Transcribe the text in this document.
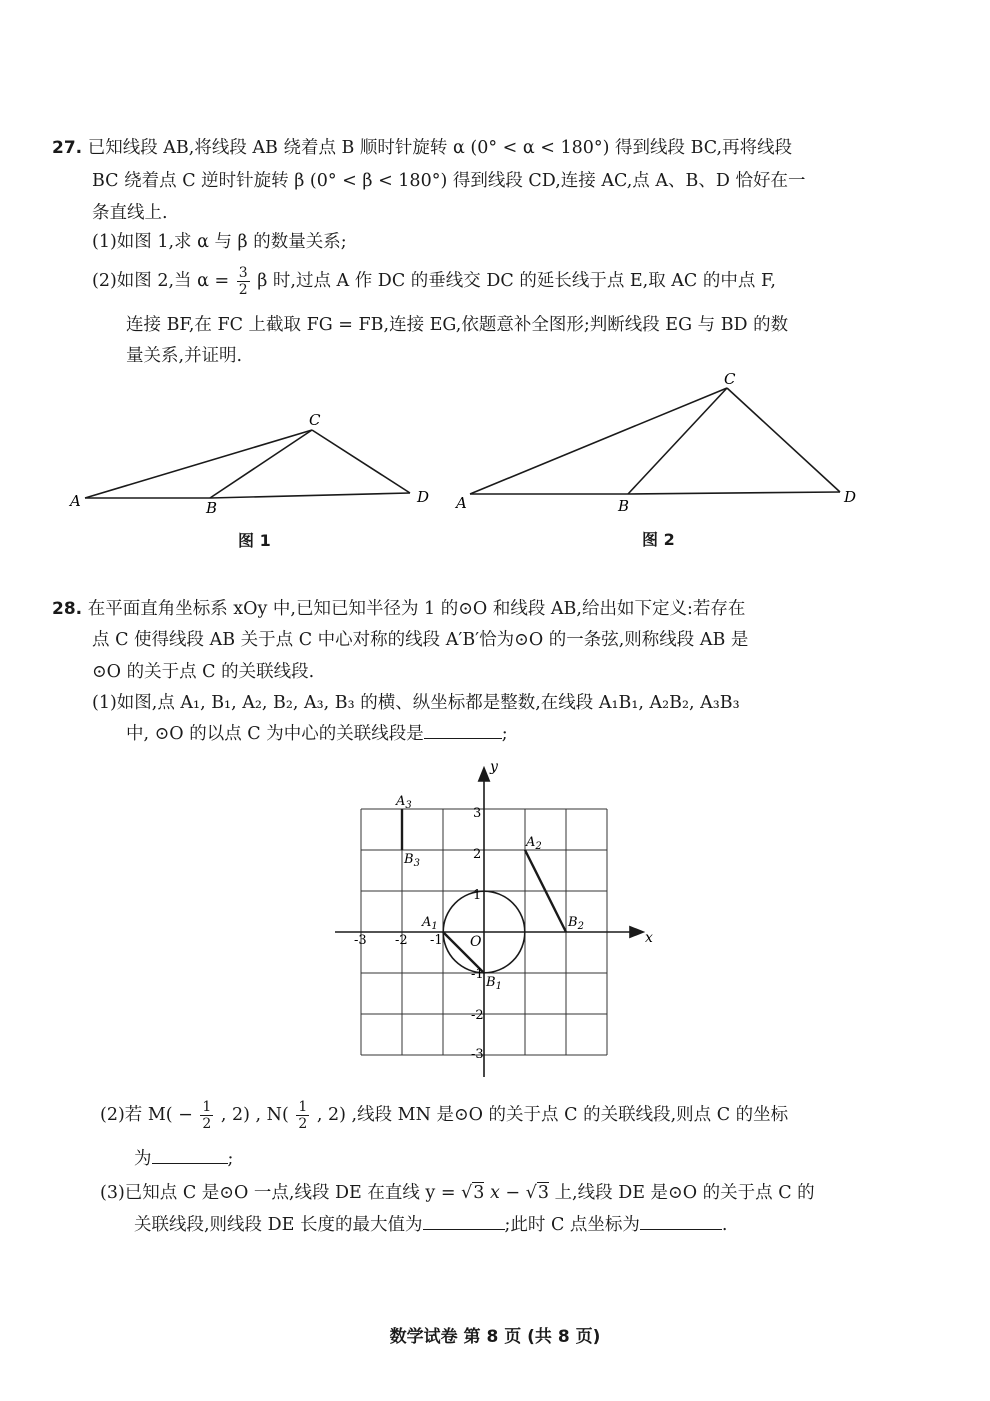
27. 已知线段 AB,将线段 AB 绕着点 B 顺时针旋转 α (0° < α < 180°) 得到线段 BC,再将线段
BC 绕着点 C 逆时针旋转 β (0° < β < 180°) 得到线段 CD,连接 AC,点 A、B、D 恰好在一
条直线上.
(1)如图 1,求 α 与 β 的数量关系;
(2)如图 2,当 $\alpha = \frac{3}{2}$ β 时,过点 A 作 DC 的垂线交 DC 的延长线于点 E,取 AC 的中点 F,
连接 BF,在 FC 上截取 FG = FB,连接 EG,依题意补全图形;判断线段 EG 与 BD 的数
量关系,并证明.
A	B
C
D
图 1
A	B
C
D
图 2
28. 在平面直角坐标系 xOy 中,已知已知半径为 1 的⊙O 和线段 AB,给出如下定义:若存在
点 C 使得线段 AB 关于点 C 中心对称的线段 A′B′恰为⊙O 的一条弦,则称线段 AB 是
⊙O 的关于点 C 的关联线段.
(1)如图,点 A₁, B₁, A₂, B₂, A₃, B₃ 的横、纵坐标都是整数,在线段 A₁B₁, A₂B₂, A₃B₃
中, ⊙O 的以点 C 为中心的关联线段是	;
x
y
-3 -2 -1 O
3
2
1
-1
-2
-3
$A_1$
$B_1$
$A_2$
$B_2$
$A_3$
$B_3$
(2)若 $M( - \frac{1}{2}$ , 2) , $N( \frac{1}{2}$ , 2) ,线段 MN 是⊙O 的关于点 C 的关联线段,则点 C 的坐标
为	;
(3)已知点 C 是⊙O 一点,线段 DE 在直线 y = √3 x − √3 上,线段 DE 是⊙O 的关于点 C 的
关联线段,则线段 DE 长度的最大值为	;此时 C 点坐标为	.
数学试卷 第 8 页 (共 8 页)
